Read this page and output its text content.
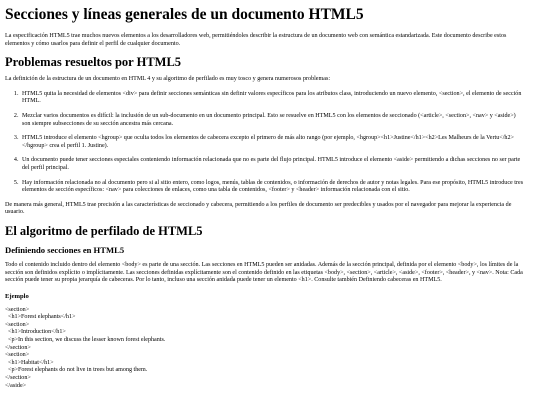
Secciones y líneas generales de un documento HTML5

La especificación HTML5 trae muchos nuevos elementos a los desarrolladores web, permitiéndoles describir la estructura de un documento web con semántica estandarizada. Este documento describe estos elementos y cómo usarlos para definir el perfil de cualquier documento.

Problemas resueltos por HTML5

La definición de la estructura de un documento en HTML 4 y su algoritmo de perfilado es muy tosco y genera numerosos problemas:

1. HTML5 quita la necesidad de elementos <div> para definir secciones semánticas sin definir valores específicos para los atributos class, introduciendo un nuevo elemento, <section>, el elemento de sección HTML.
2. Mezclar varios documentos es difícil: la inclusión de un sub-documento en un documento principal. Esto se resuelve en HTML5 con los elementos de seccionado (<article>, <section>, <nav> y <aside>) son siempre subsecciones de su sección ancestra más cercana.
3. HTML5 introduce el elemento <hgroup> que oculta todos los elementos de cabecera excepto el primero de más alto rango (por ejemplo, <hgroup><h1>Justine</h1><h2>Les Malheurs de la Vertu</h2></hgroup> crea el perfil 1. Justine).
4. Un documento puede tener secciones especiales conteniendo información relacionada que no es parte del flujo principal. HTML5 introduce el elemento <aside> permitiendo a dichas secciones no ser parte del perfil principal.
5. Hay información relacionada no al documento pero si al sitio entero, como logos, menús, tablas de contenidos, o información de derechos de autor y notas legales. Para ese propósito, HTML5 introduce tres elementos de sección específicos: <nav> para colecciones de enlaces, como una tabla de contenidos, <footer> y <header> información relacionada con el sitio.

De manera más general, HTML5 trae precisión a las características de seccionado y cabecera, permitiendo a los perfiles de documento ser predecibles y usados por el navegador para mejorar la experiencia de usuario.

El algoritmo de perfilado de HTML5
Definiendo secciones en HTML5

Todo el contenido incluido dentro del elemento <body> es parte de una sección. Las secciones en HTML5 pueden ser anidadas. Además de la sección principal, definida por el elemento <body>, los límites de la sección son definidos explícito o implícitamente. Las secciones definidas explícitamente son el contenido definido en las etiquetas <body>, <section>, <article>, <aside>, <footer>, <header>, y <nav>. Nota: Cada sección puede tener su propia jerarquía de cabeceras. Por lo tanto, incluso una sección anidada puede tener un elemento <h1>. Consulte también Definiendo cabeceras en HTML5.

Ejemplo
<section>
<h1>Forest elephants</h1>
<section>
<h1>Introduction</h1>
<p>In this section, we discuss the lesser known forest elephants.
</section>
<section>
<h1>Habitat</h1>
<p>Forest elephants do not live in trees but among them.
</section>
</aside>
